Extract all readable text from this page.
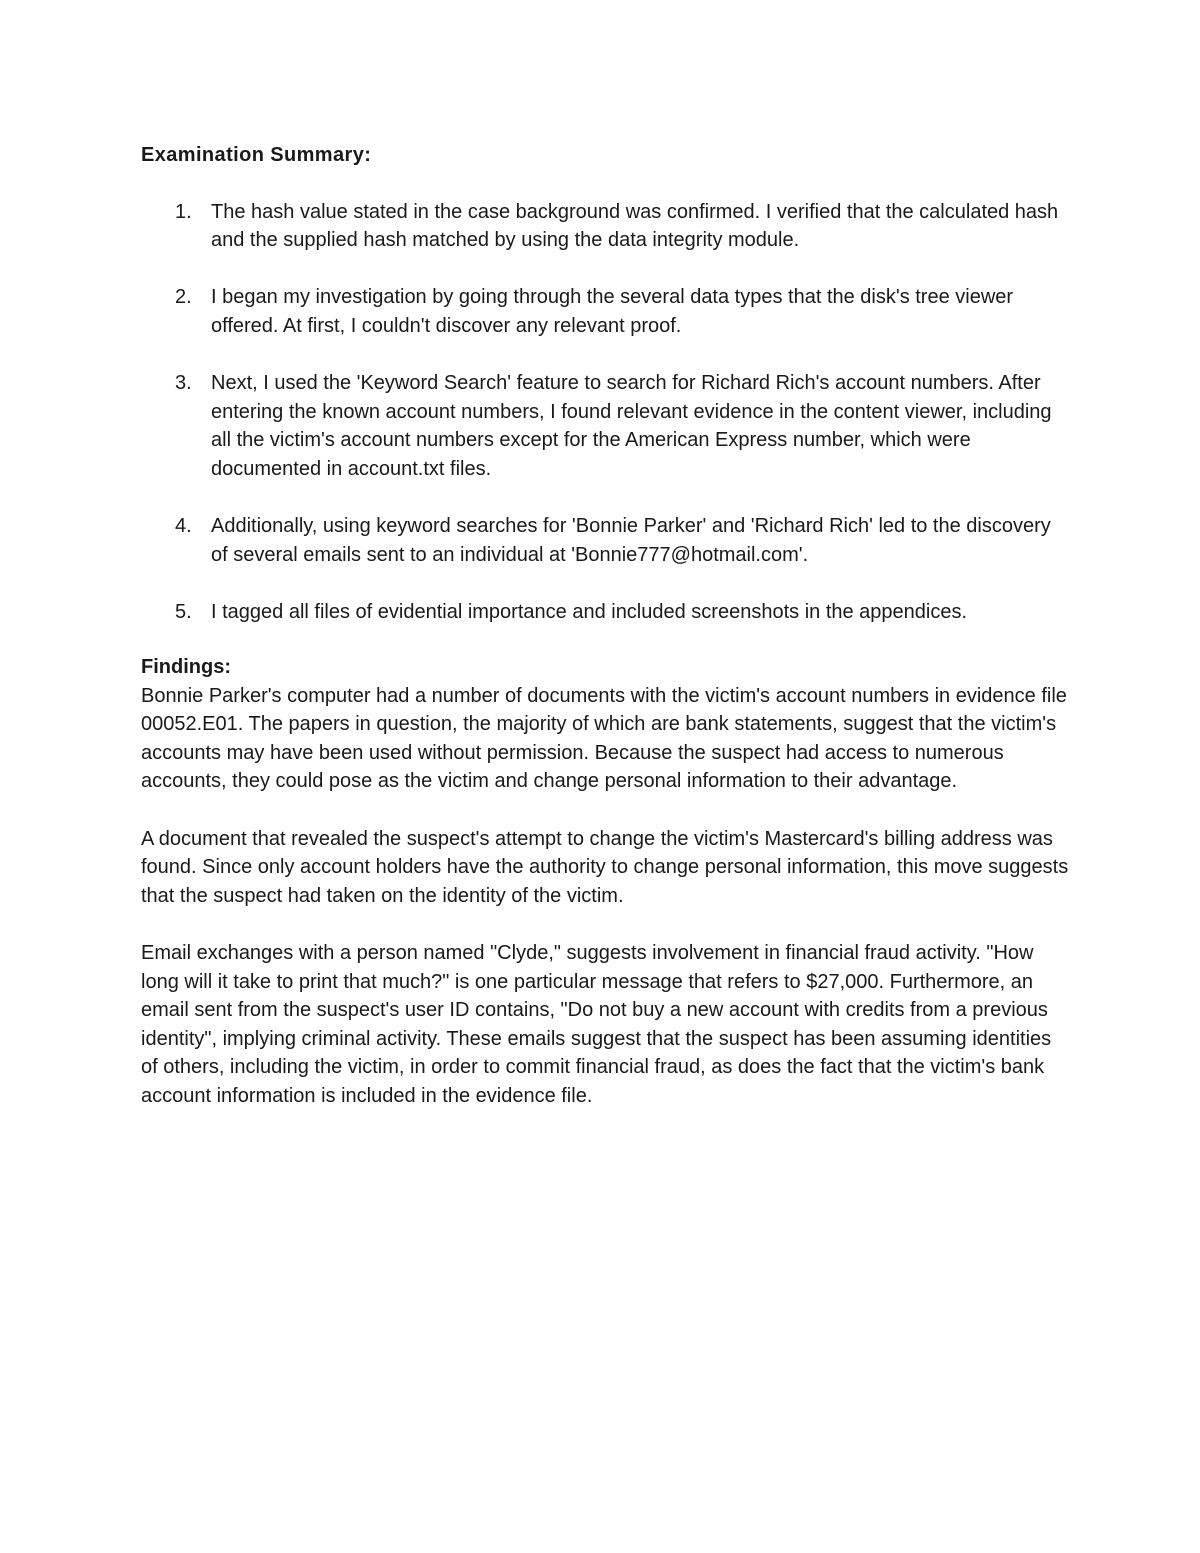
Examination Summary:
1. The hash value stated in the case background was confirmed. I verified that the calculated hash and the supplied hash matched by using the data integrity module.
2. I began my investigation by going through the several data types that the disk's tree viewer offered. At first, I couldn't discover any relevant proof.
3. Next, I used the 'Keyword Search' feature to search for Richard Rich's account numbers. After entering the known account numbers, I found relevant evidence in the content viewer, including all the victim's account numbers except for the American Express number, which were documented in account.txt files.
4. Additionally, using keyword searches for 'Bonnie Parker' and 'Richard Rich' led to the discovery of several emails sent to an individual at 'Bonnie777@hotmail.com'.
5. I tagged all files of evidential importance and included screenshots in the appendices.
Findings:

Bonnie Parker's computer had a number of documents with the victim's account numbers in evidence file 00052.E01. The papers in question, the majority of which are bank statements, suggest that the victim's accounts may have been used without permission. Because the suspect had access to numerous accounts, they could pose as the victim and change personal information to their advantage.

A document that revealed the suspect's attempt to change the victim's Mastercard's billing address was found. Since only account holders have the authority to change personal information, this move suggests that the suspect had taken on the identity of the victim.

Email exchanges with a person named "Clyde," suggests involvement in financial fraud activity. "How long will it take to print that much?" is one particular message that refers to $27,000. Furthermore, an email sent from the suspect's user ID contains, "Do not buy a new account with credits from a previous identity", implying criminal activity. These emails suggest that the suspect has been assuming identities of others, including the victim, in order to commit financial fraud, as does the fact that the victim's bank account information is included in the evidence file.
